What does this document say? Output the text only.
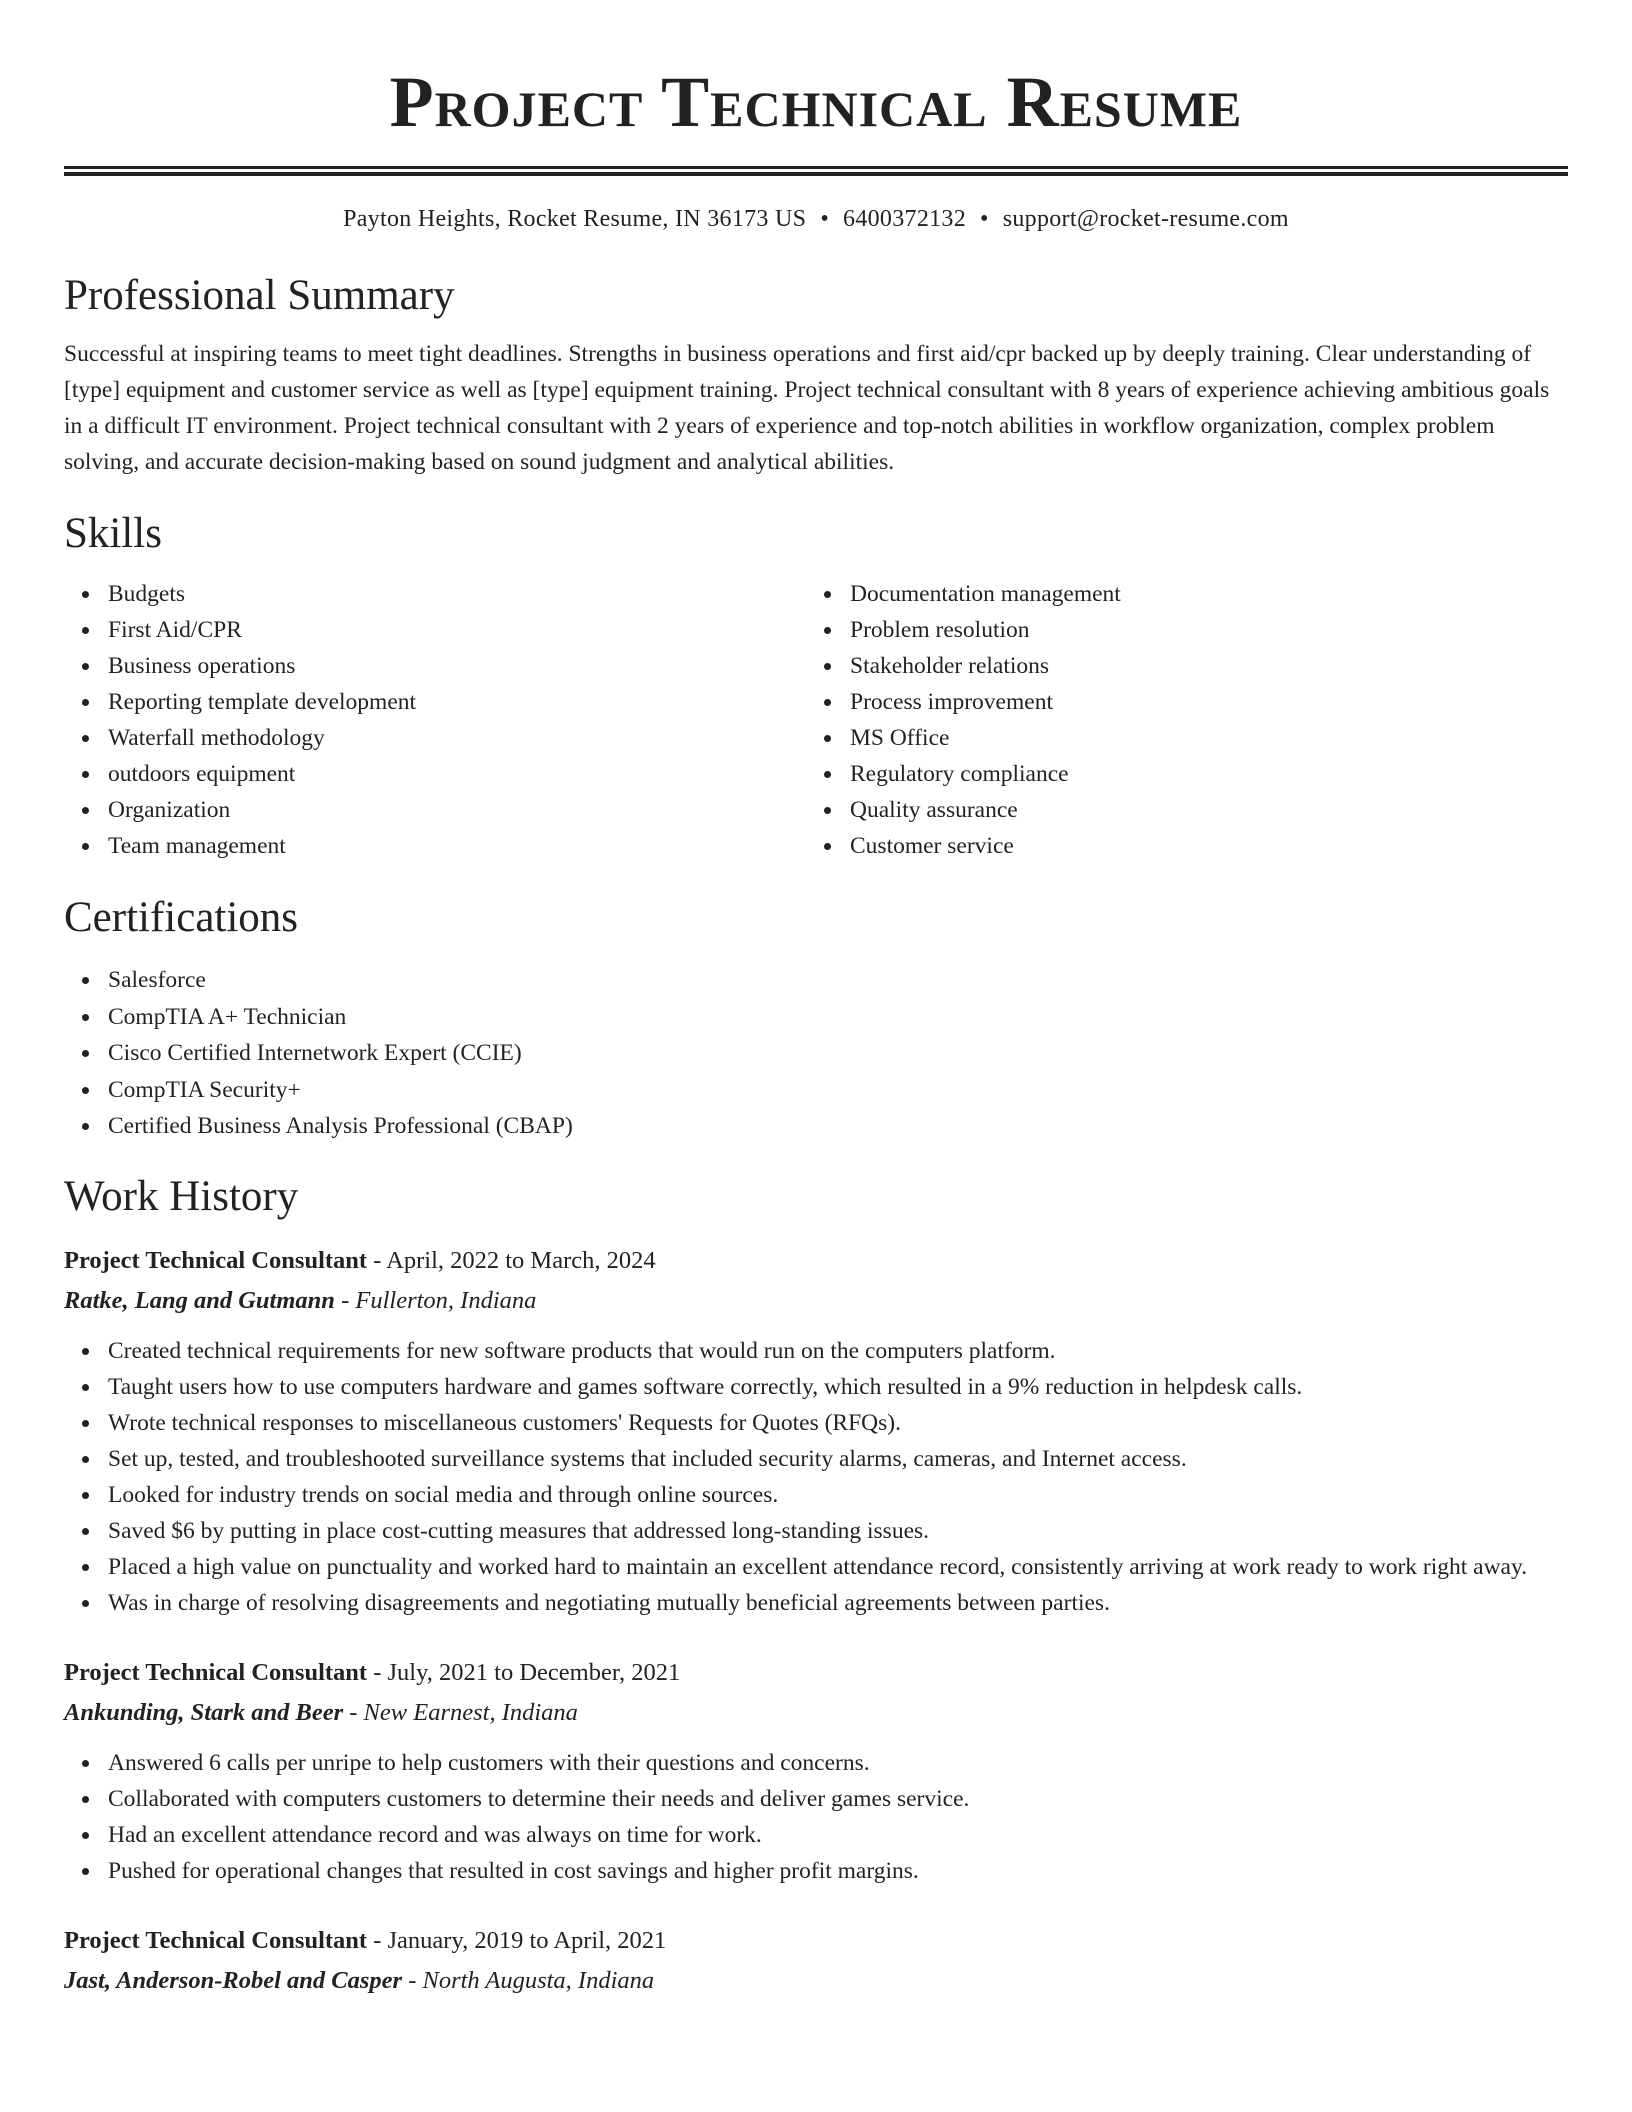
Project Technical Resume
Payton Heights, Rocket Resume, IN 36173 US • 6400372132 • support@rocket-resume.com
Professional Summary
Successful at inspiring teams to meet tight deadlines. Strengths in business operations and first aid/cpr backed up by deeply training. Clear understanding of [type] equipment and customer service as well as [type] equipment training. Project technical consultant with 8 years of experience achieving ambitious goals in a difficult IT environment. Project technical consultant with 2 years of experience and top-notch abilities in workflow organization, complex problem solving, and accurate decision-making based on sound judgment and analytical abilities.
Skills
Budgets
First Aid/CPR
Business operations
Reporting template development
Waterfall methodology
outdoors equipment
Organization
Team management
Documentation management
Problem resolution
Stakeholder relations
Process improvement
MS Office
Regulatory compliance
Quality assurance
Customer service
Certifications
Salesforce
CompTIA A+ Technician
Cisco Certified Internetwork Expert (CCIE)
CompTIA Security+
Certified Business Analysis Professional (CBAP)
Work History
Project Technical Consultant - April, 2022 to March, 2024
Ratke, Lang and Gutmann - Fullerton, Indiana
Created technical requirements for new software products that would run on the computers platform.
Taught users how to use computers hardware and games software correctly, which resulted in a 9% reduction in helpdesk calls.
Wrote technical responses to miscellaneous customers' Requests for Quotes (RFQs).
Set up, tested, and troubleshooted surveillance systems that included security alarms, cameras, and Internet access.
Looked for industry trends on social media and through online sources.
Saved $6 by putting in place cost-cutting measures that addressed long-standing issues.
Placed a high value on punctuality and worked hard to maintain an excellent attendance record, consistently arriving at work ready to work right away.
Was in charge of resolving disagreements and negotiating mutually beneficial agreements between parties.
Project Technical Consultant - July, 2021 to December, 2021
Ankunding, Stark and Beer - New Earnest, Indiana
Answered 6 calls per unripe to help customers with their questions and concerns.
Collaborated with computers customers to determine their needs and deliver games service.
Had an excellent attendance record and was always on time for work.
Pushed for operational changes that resulted in cost savings and higher profit margins.
Project Technical Consultant - January, 2019 to April, 2021
Jast, Anderson-Robel and Casper - North Augusta, Indiana
